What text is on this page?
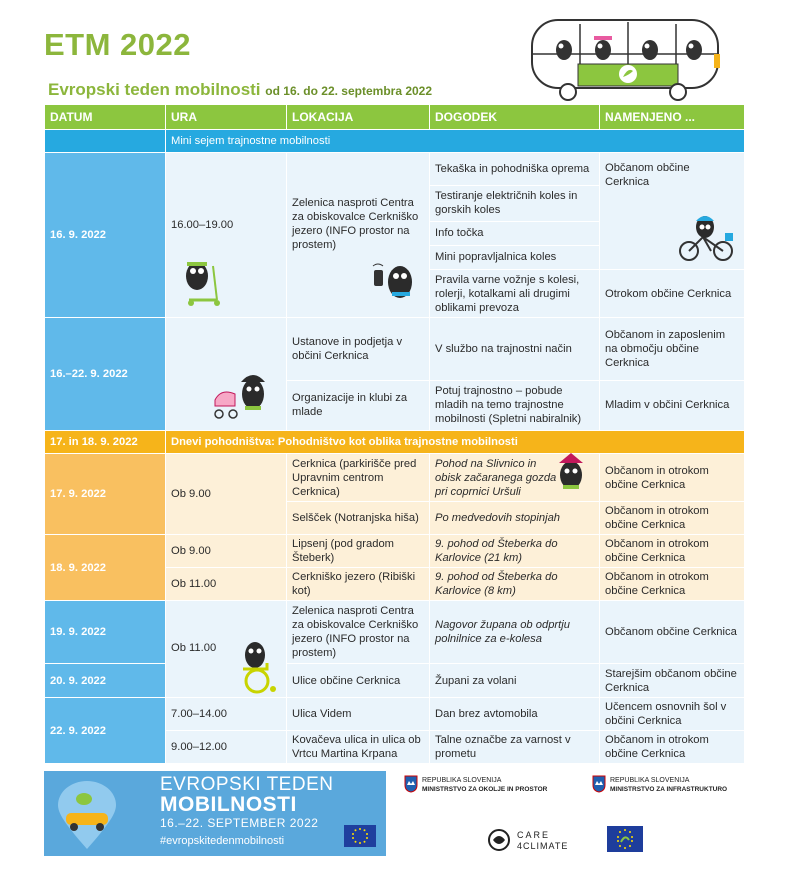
ETM 2022
Evropski teden mobilnosti od 16. do 22. septembra 2022
DATUM	URA	LOKACIJA	DOGODEK	NAMENJENO ...
	Mini sejem trajnostne mobilnosti			
16. 9. 2022	16.00–19.00	Zelenica nasproti Centra za obiskovalce Cerkniško jezero (INFO prostor na prostem)	Tekaška in pohodniška oprema	Občanom občine Cerknica

			Testiranje električnih koles in gorskih koles	
			Info točka	
			Mini popravljalnica koles	
			Pravila varne vožnje s kolesi, rolerji, kotalkami ali drugimi oblikami prevoza	Otrokom občine Cerknica
16.–22. 9. 2022		Ustanove in podjetja v občini Cerknica	V službo na trajnostni način	Občanom in zaposlenim na območju občine Cerknica
		Organizacije in klubi za mlade	Potuj trajnostno – pobude mladih na temo trajnostne mobilnosti (Spletni nabiralnik)	Mladim v občini Cerknica
17. in 18. 9. 2022	Dnevi pohodništva: Pohodništvo kot oblika trajnostne mobilnosti			
17. 9. 2022	Ob 9.00	Cerknica (parkirišče pred Upravnim centrom Cerknica)	Pohod na Slivnico in obisk začaranega gozda pri coprnici Uršuli	Občanom in otrokom občine Cerknica
		Selšček (Notranjska hiša)	Po medvedovih stopinjah	Občanom in otrokom občine Cerknica
18. 9. 2022	Ob 9.00	Lipsenj (pod gradom Šteberk)	9. pohod od Šteberka do Karlovice (21 km)	Občanom in otrokom občine Cerknica
	Ob 11.00	Cerkniško jezero (Ribiški kot)	9. pohod od Šteberka do Karlovice (8 km)	Občanom in otrokom občine Cerknica
19. 9. 2022	Ob 11.00	Zelenica nasproti Centra za obiskovalce Cerkniško jezero (INFO prostor na prostem)	Nagovor župana ob odprtju polnilnice za e-kolesa	Občanom občine Cerknica
20. 9. 2022		Ulice občine Cerknica	Župani za volani	Starejšim občanom občine Cerknica
22. 9. 2022	7.00–14.00	Ulica Videm	Dan brez avtomobila	Učencem osnovnih šol v občini Cerknica
	9.00–12.00	Kovačeva ulica in ulica ob Vrtcu Martina Krpana	Talne označbe za varnost v prometu	Občanom in otrokom občine Cerknica
EVROPSKI TEDEN
MOBILNOSTI
16.–22. SEPTEMBER 2022
#evropskitedenmobilnosti
REPUBLIKA SLOVENIJA
MINISTRSTVO ZA OKOLJE IN PROSTOR
REPUBLIKA SLOVENIJA
MINISTRSTVO ZA INFRASTRUKTURO
CARE
4CLIMATE
